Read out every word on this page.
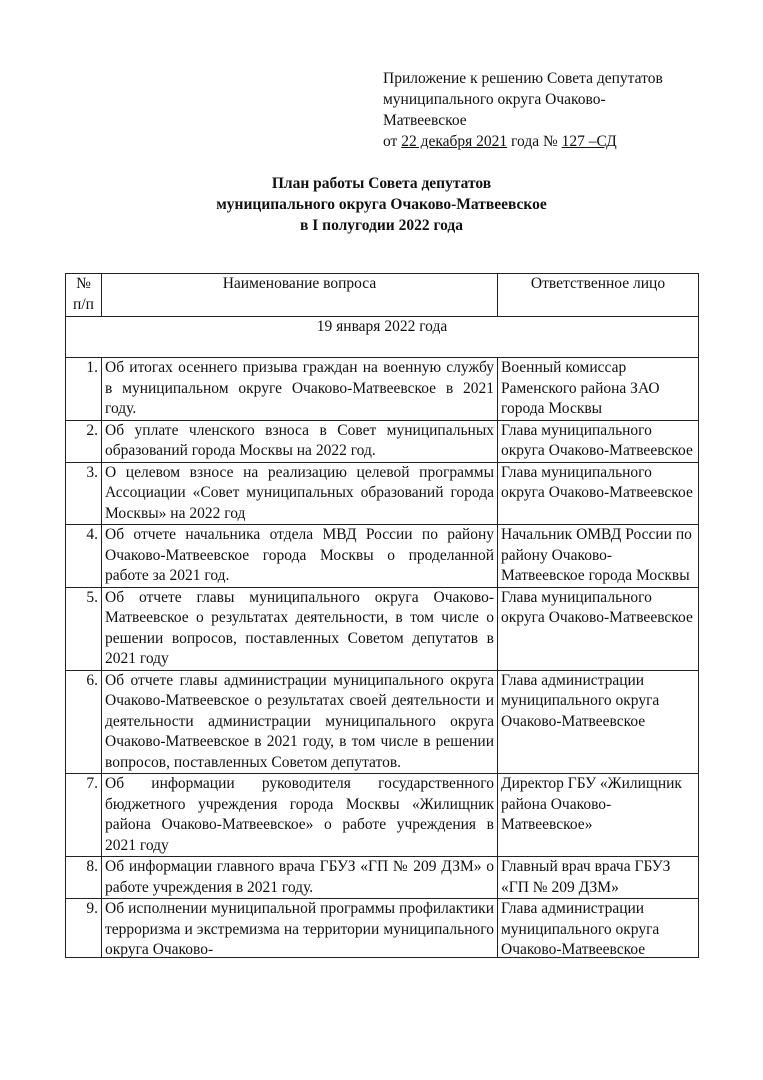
Приложение к решению Совета депутатов
муниципального округа Очаково-
Матвеевское
от 22 декабря 2021 года № 127 –СД
План работы Совета депутатов
муниципального округа Очаково-Матвеевское
в I полугодии 2022 года
№ п/п	Наименование вопроса	Ответственное лицо
19 января 2022 года		
1.	Об итогах осеннего призыва граждан на военную службу в муниципальном округе Очаково-Матвеевское в 2021 году.	Военный комиссар Раменского района ЗАО города Москвы
2.	Об уплате членского взноса в Совет муниципальных образований города Москвы на 2022 год.	Глава муниципального округа Очаково-Матвеевское
3.	О целевом взносе на реализацию целевой программы Ассоциации «Совет муниципальных образований города Москвы» на 2022 год	Глава муниципального округа Очаково-Матвеевское
4.	Об отчете начальника отдела МВД России по району Очаково-Матвеевское города Москвы о проделанной работе за 2021 год.	Начальник ОМВД России по району Очаково-Матвеевское города Москвы
5.	Об отчете главы муниципального округа Очаково-Матвеевское о результатах деятельности, в том числе о решении вопросов, поставленных Советом депутатов в 2021 году	Глава муниципального округа Очаково-Матвеевское
6.	Об отчете главы администрации муниципального округа Очаково-Матвеевское о результатах своей деятельности и деятельности администрации муниципального округа Очаково-Матвеевское в 2021 году, в том числе в решении вопросов, поставленных Советом депутатов.	Глава администрации муниципального округа Очаково-Матвеевское
7.	Об информации руководителя государственного бюджетного учреждения города Москвы «Жилищник района Очаково-Матвеевское» о работе учреждения в 2021 году	Директор ГБУ «Жилищник района Очаково-Матвеевское»
8.	Об информации главного врача ГБУЗ «ГП № 209 ДЗМ» о работе учреждения в 2021 году.	Главный врач врача ГБУЗ «ГП № 209 ДЗМ»
9.	Об исполнении муниципальной программы профилактики терроризма и экстремизма на территории муниципального округа Очаково-	Глава администрации муниципального округа Очаково-Матвеевское
